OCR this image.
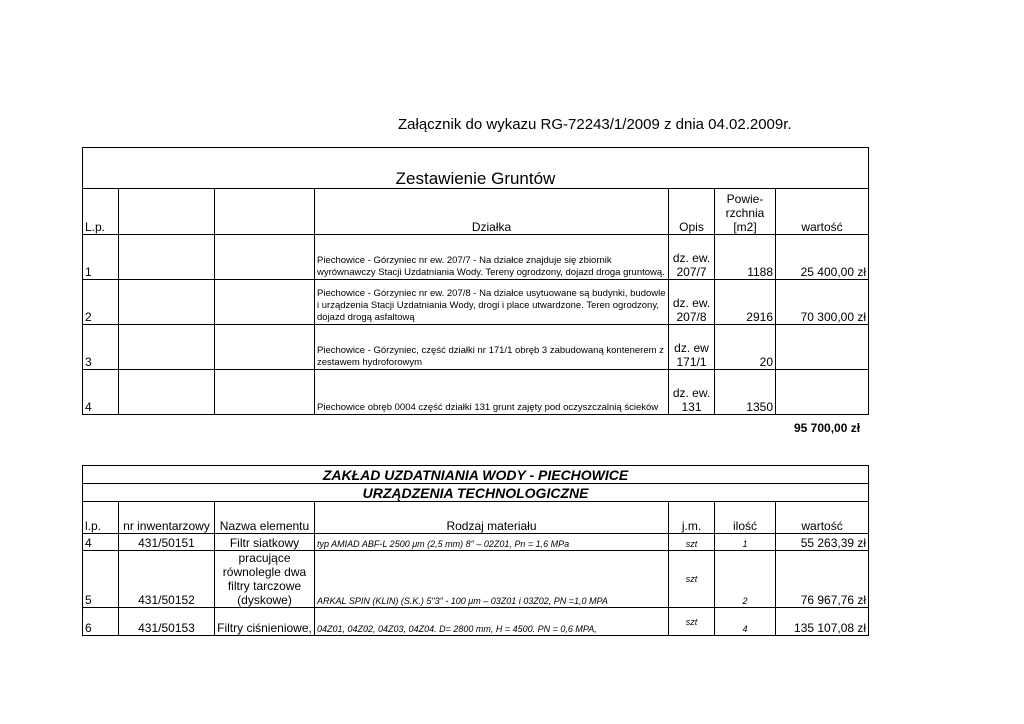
Załącznik do wykazu RG-72243/1/2009 z dnia 04.02.2009r.
Zestawienie Gruntów						
L.p.			Działka	Opis	Powie-rzchnia [m2]	wartość
1			Piechowice - Górzyniec nr ew. 207/7 - Na działce znajduje się zbiornik wyrównawczy Stacji Uzdatniania Wody. Tereny ogrodzony, dojazd droga gruntową.	dz. ew. 207/7	1188	25 400,00 zł
2			Piechowice - Górzyniec nr ew. 207/8 - Na działce usytuowane są budynki, budowle i urządzenia Stacji Uzdatniania Wody, drogi i place utwardzone. Teren ogrodzony, dojazd drogą asfaltową	dz. ew. 207/8	2916	70 300,00 zł
3			Piechowice - Górzyniec, część działki nr 171/1 obręb 3 zabudowaną kontenerem z zestawem hydroforowym	dz. ew 171/1	20	
4			Piechowice obręb 0004 część działki 131 grunt zajęty pod oczyszczalnią ścieków	dz. ew. 131	1350	
95 700,00 zł
ZAKŁAD UZDATNIANIA WODY - PIECHOWICE						
URZĄDZENIA TECHNOLOGICZNE						
l.p.	nr inwentarzowy	Nazwa elementu	Rodzaj materiału	j.m.	ilość	wartość
4	431/50151	Filtr siatkowy	typ AMIAD ABF-L 2500 μm (2,5 mm) 8" – 02Z01, Pn = 1,6 MPa	szt	1	55 263,39 zł
5	431/50152	pracujące równolegle dwa filtry tarczowe (dyskowe)	ARKAL SPIN (KLIN) (S.K.) 5"3" - 100 μm – 03Z01 i 03Z02, PN =1,0 MPA	szt	2	76 967,76 zł
6	431/50153	Filtry ciśnieniowe,	04Z01, 04Z02, 04Z03, 04Z04. D= 2800 mm, H = 4500. PN = 0,6 MPA,	szt	4	135 107,08 zł
